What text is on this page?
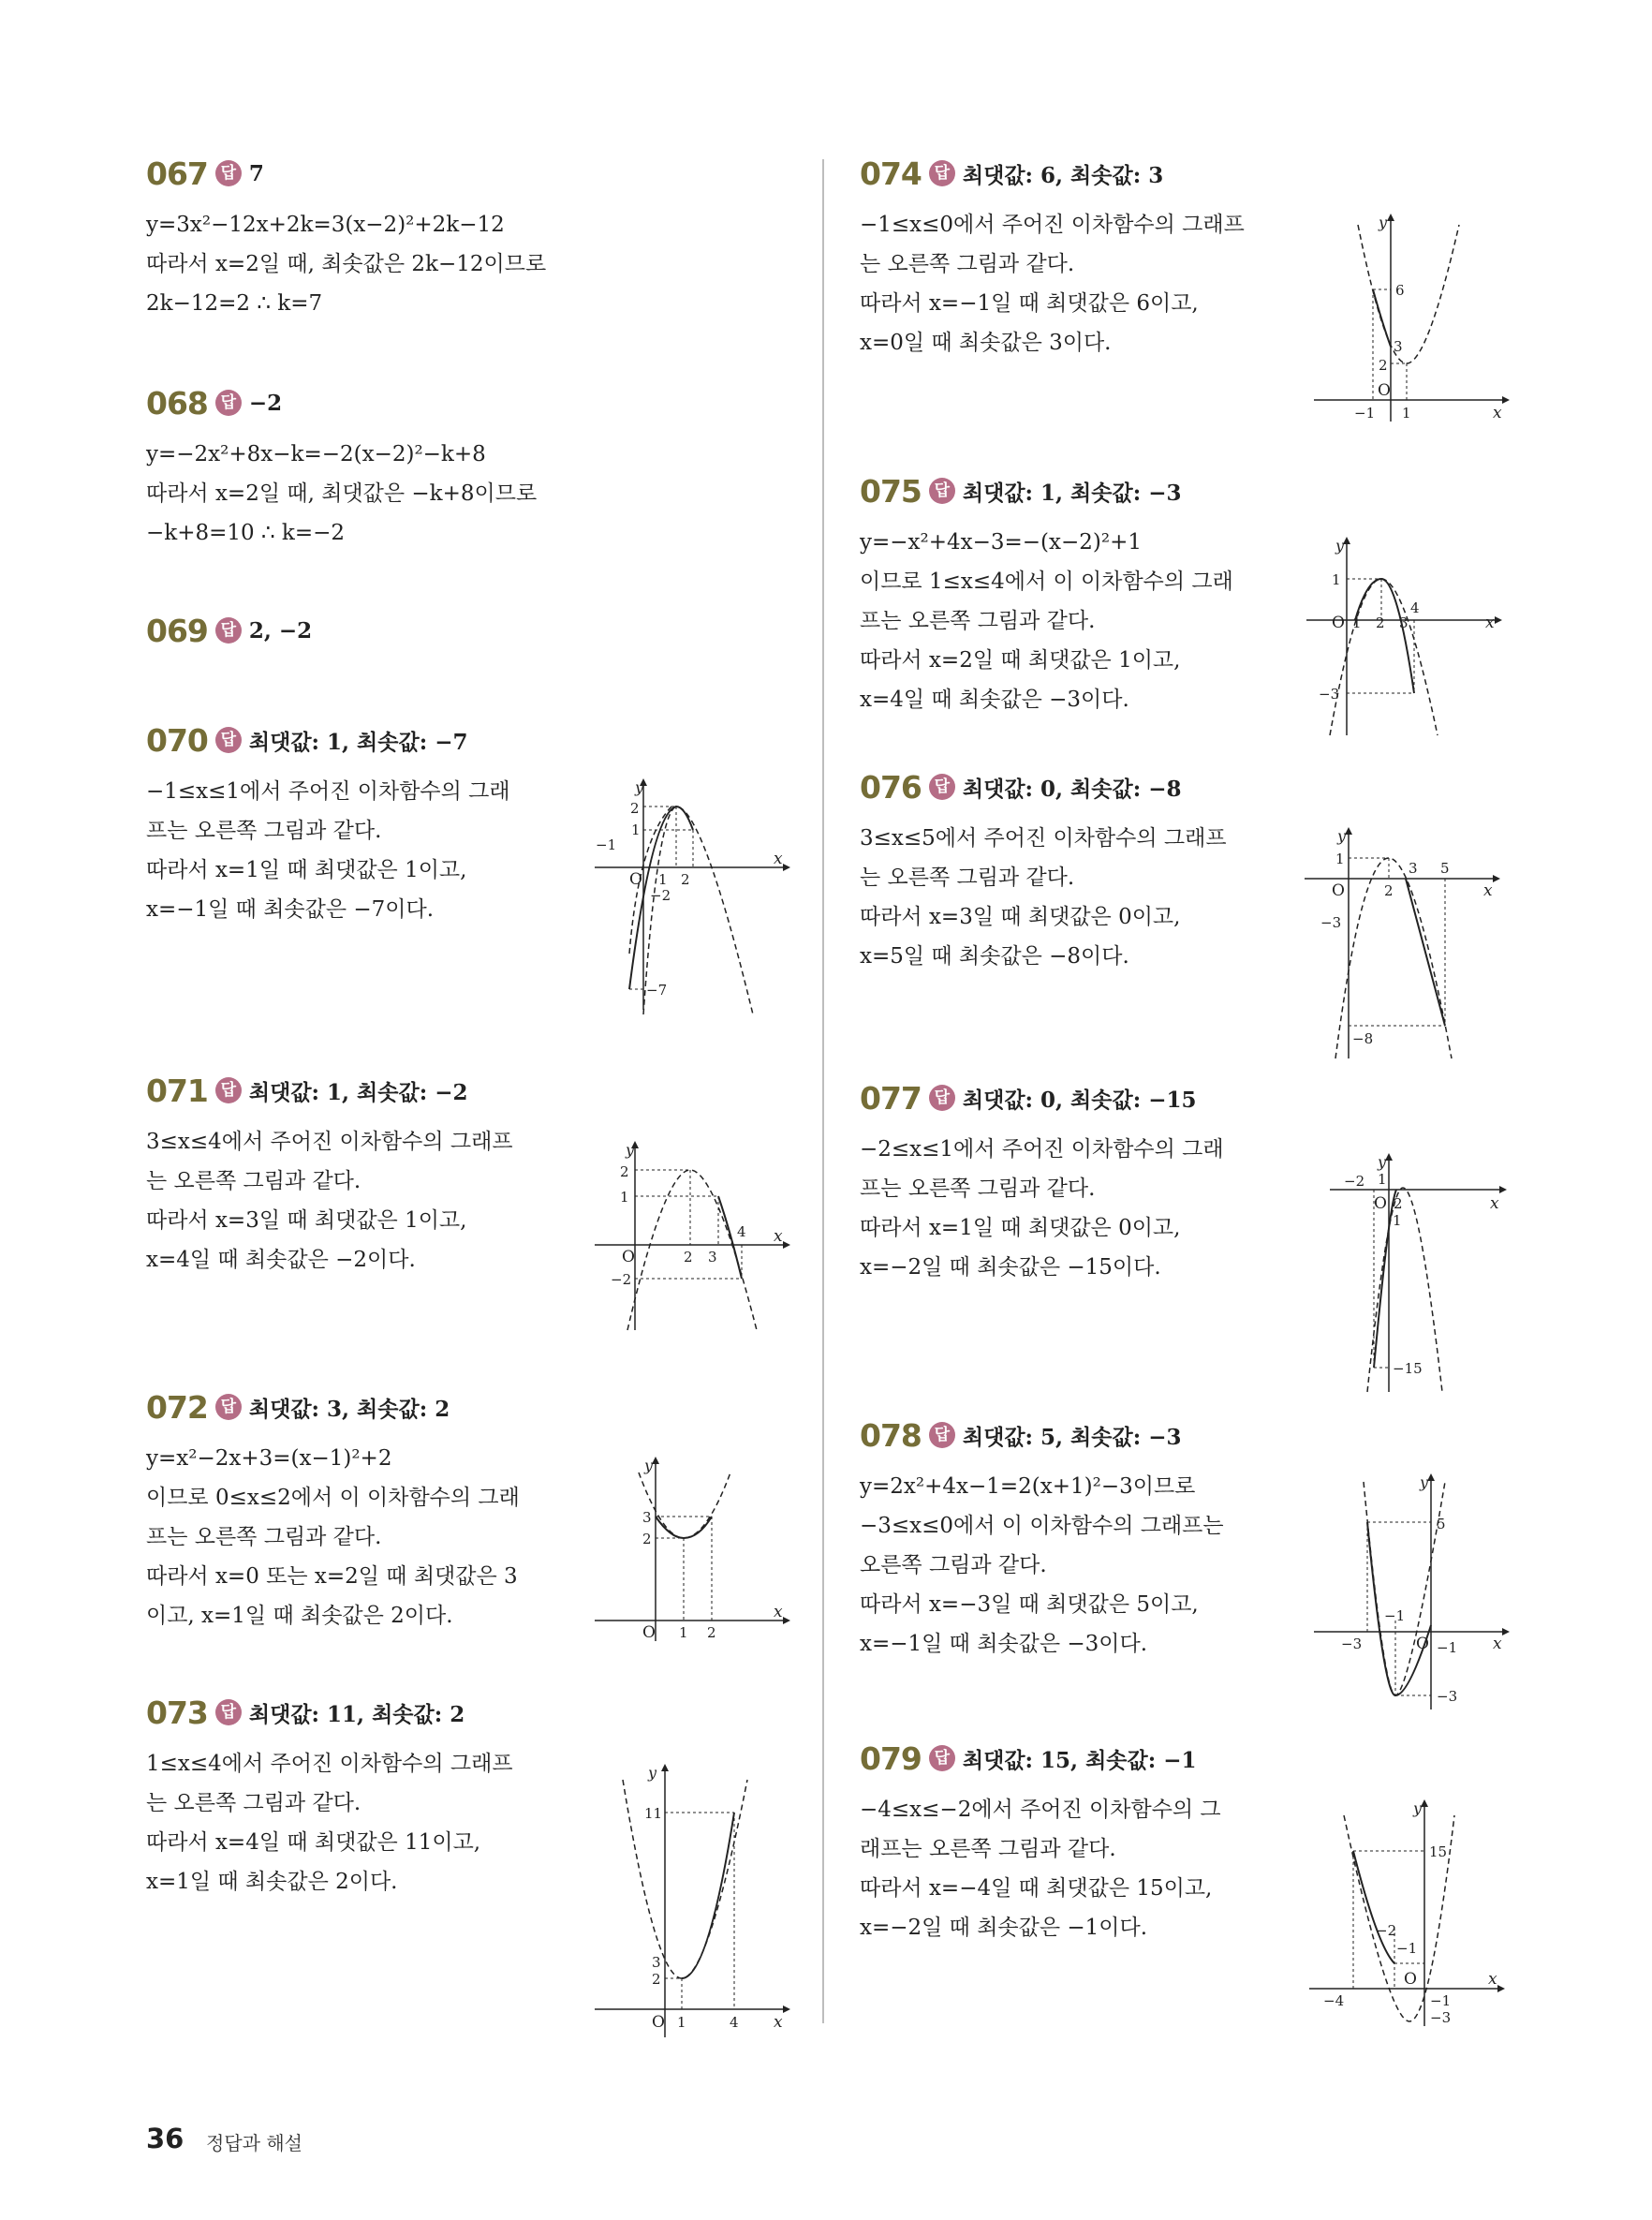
067 답 7
y=3x²−12x+2k=3(x−2)²+2k−12
따라서 x=2일 때, 최솟값은 2k−12이므로
2k−12=2 ∴ k=7
068 답 −2
y=−2x²+8x−k=−2(x−2)²−k+8
따라서 x=2일 때, 최댓값은 −k+8이므로
−k+8=10 ∴ k=−2
069 답 2, −2
070 답 최댓값: 1, 최솟값: −7
−1≤x≤1에서 주어진 이차함수의 그래
프는 오른쪽 그림과 같다.
따라서 x=1일 때 최댓값은 1이고,
x=−1일 때 최솟값은 −7이다.
y
x
O
2
1
−1
1 2
−2
−7
071 답 최댓값: 1, 최솟값: −2
3≤x≤4에서 주어진 이차함수의 그래프
는 오른쪽 그림과 같다.
따라서 x=3일 때 최댓값은 1이고,
x=4일 때 최솟값은 −2이다.
y
x
O
2
1
2 3
4
−2
072 답 최댓값: 3, 최솟값: 2
y=x²−2x+3=(x−1)²+2
이므로 0≤x≤2에서 이 이차함수의 그래
프는 오른쪽 그림과 같다.
따라서 x=0 또는 x=2일 때 최댓값은 3
이고, x=1일 때 최솟값은 2이다.
y
x
O
3
2
1 2
073 답 최댓값: 11, 최솟값: 2
1≤x≤4에서 주어진 이차함수의 그래프
는 오른쪽 그림과 같다.
따라서 x=4일 때 최댓값은 11이고,
x=1일 때 최솟값은 2이다.
y
x
O
11
3
2
1	4
074 답 최댓값: 6, 최솟값: 3
−1≤x≤0에서 주어진 이차함수의 그래프
는 오른쪽 그림과 같다.
따라서 x=−1일 때 최댓값은 6이고,
x=0일 때 최솟값은 3이다.
y
x
O
6
3
2
−1 1
075 답 최댓값: 1, 최솟값: −3
y=−x²+4x−3=−(x−2)²+1
이므로 1≤x≤4에서 이 이차함수의 그래
프는 오른쪽 그림과 같다.
따라서 x=2일 때 최댓값은 1이고,
x=4일 때 최솟값은 −3이다.
y
x
O
1
1 2 3
4
−3
076 답 최댓값: 0, 최솟값: −8
3≤x≤5에서 주어진 이차함수의 그래프
는 오른쪽 그림과 같다.
따라서 x=3일 때 최댓값은 0이고,
x=5일 때 최솟값은 −8이다.
y
x
O
1
2
3 5
−3
−8
077 답 최댓값: 0, 최솟값: −15
−2≤x≤1에서 주어진 이차함수의 그래
프는 오른쪽 그림과 같다.
따라서 x=1일 때 최댓값은 0이고,
x=−2일 때 최솟값은 −15이다.
y
x
O
−2 1
2
1
−15
078 답 최댓값: 5, 최솟값: −3
y=2x²+4x−1=2(x+1)²−3이므로
−3≤x≤0에서 이 이차함수의 그래프는
오른쪽 그림과 같다.
따라서 x=−3일 때 최댓값은 5이고,
x=−1일 때 최솟값은 −3이다.
y
x
O
5
−3
−1
−1
−3
079 답 최댓값: 15, 최솟값: −1
−4≤x≤−2에서 주어진 이차함수의 그
래프는 오른쪽 그림과 같다.
따라서 x=−4일 때 최댓값은 15이고,
x=−2일 때 최솟값은 −1이다.
y
x
O
15
−2
−1
−4	−1
−3
36 정답과 해설
